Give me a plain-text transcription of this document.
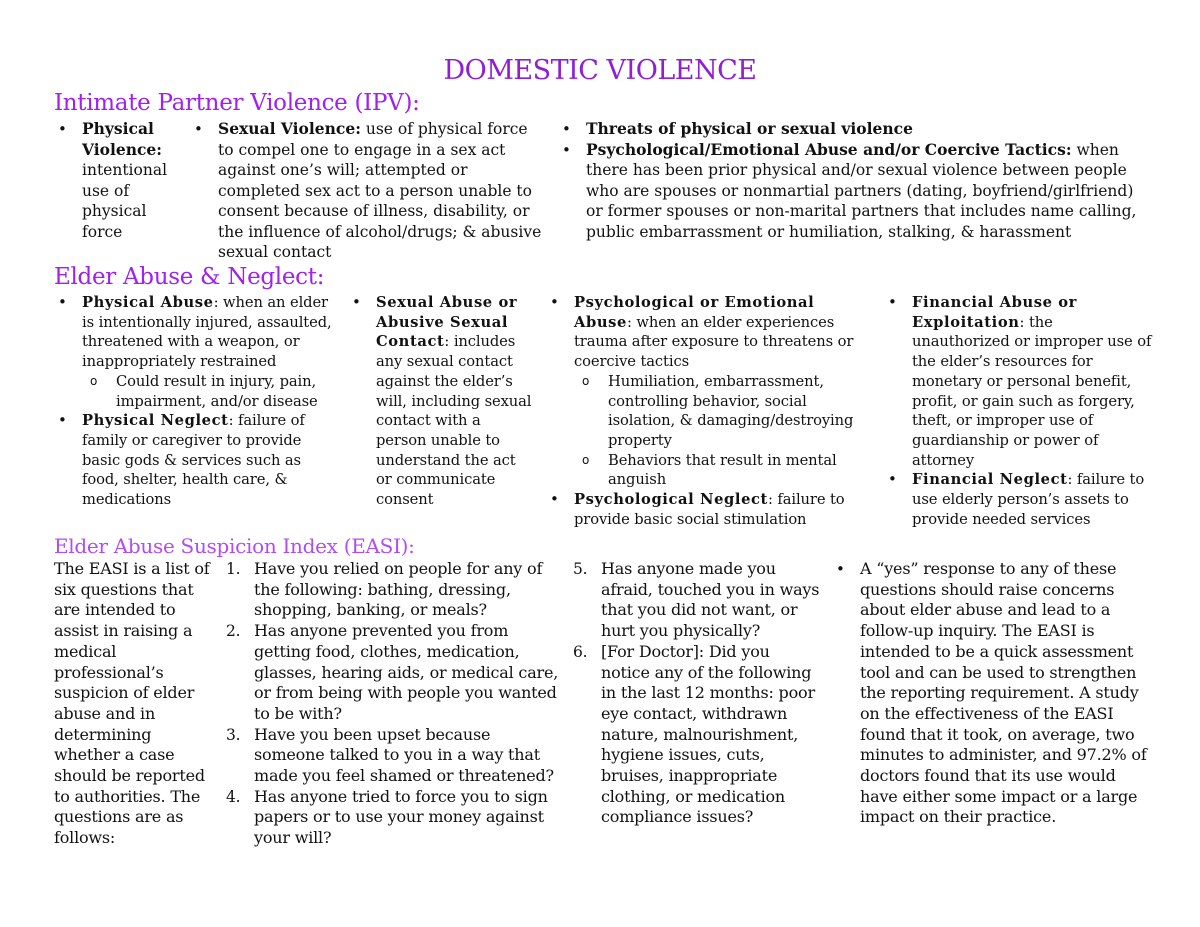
DOMESTIC VIOLENCE
Intimate Partner Violence (IPV):
• Physical Violence: intentional use of physical force
• Sexual Violence: use of physical force to compel one to engage in a sex act against one’s will; attempted or completed sex act to a person unable to consent because of illness, disability, or the influence of alcohol/drugs; & abusive sexual contact
• Threats of physical or sexual violence
• Psychological/Emotional Abuse and/or Coercive Tactics: when there has been prior physical and/or sexual violence between people who are spouses or nonmartial partners (dating, boyfriend/girlfriend) or former spouses or non-marital partners that includes name calling, public embarrassment or humiliation, stalking, & harassment
Elder Abuse & Neglect:
• Physical Abuse: when an elder is intentionally injured, assaulted, threatened with a weapon, or inappropriately restrained
o Could result in injury, pain, impairment, and/or disease
• Physical Neglect: failure of family or caregiver to provide basic gods & services such as food, shelter, health care, & medications
• Sexual Abuse or Abusive Sexual Contact: includes any sexual contact against the elder’s will, including sexual contact with a person unable to understand the act or communicate consent
• Psychological or Emotional Abuse: when an elder experiences trauma after exposure to threatens or coercive tactics
o Humiliation, embarrassment, controlling behavior, social isolation, & damaging/destroying property
o Behaviors that result in mental anguish
• Psychological Neglect: failure to provide basic social stimulation
• Financial Abuse or Exploitation: the unauthorized or improper use of the elder’s resources for monetary or personal benefit, profit, or gain such as forgery, theft, or improper use of guardianship or power of attorney
• Financial Neglect: failure to use elderly person’s assets to provide needed services
Elder Abuse Suspicion Index (EASI):
The EASI is a list of six questions that are intended to assist in raising a medical professional’s suspicion of elder abuse and in determining whether a case should be reported to authorities. The questions are as follows:
1. Have you relied on people for any of the following: bathing, dressing, shopping, banking, or meals?
2. Has anyone prevented you from getting food, clothes, medication, glasses, hearing aids, or medical care, or from being with people you wanted to be with?
3. Have you been upset because someone talked to you in a way that made you feel shamed or threatened?
4. Has anyone tried to force you to sign papers or to use your money against your will?
5. Has anyone made you afraid, touched you in ways that you did not want, or hurt you physically?
6. [For Doctor]: Did you notice any of the following in the last 12 months: poor eye contact, withdrawn nature, malnourishment, hygiene issues, cuts, bruises, inappropriate clothing, or medication compliance issues?
• A “yes” response to any of these questions should raise concerns about elder abuse and lead to a follow-up inquiry. The EASI is intended to be a quick assessment tool and can be used to strengthen the reporting requirement. A study on the effectiveness of the EASI found that it took, on average, two minutes to administer, and 97.2% of doctors found that its use would have either some impact or a large impact on their practice.
